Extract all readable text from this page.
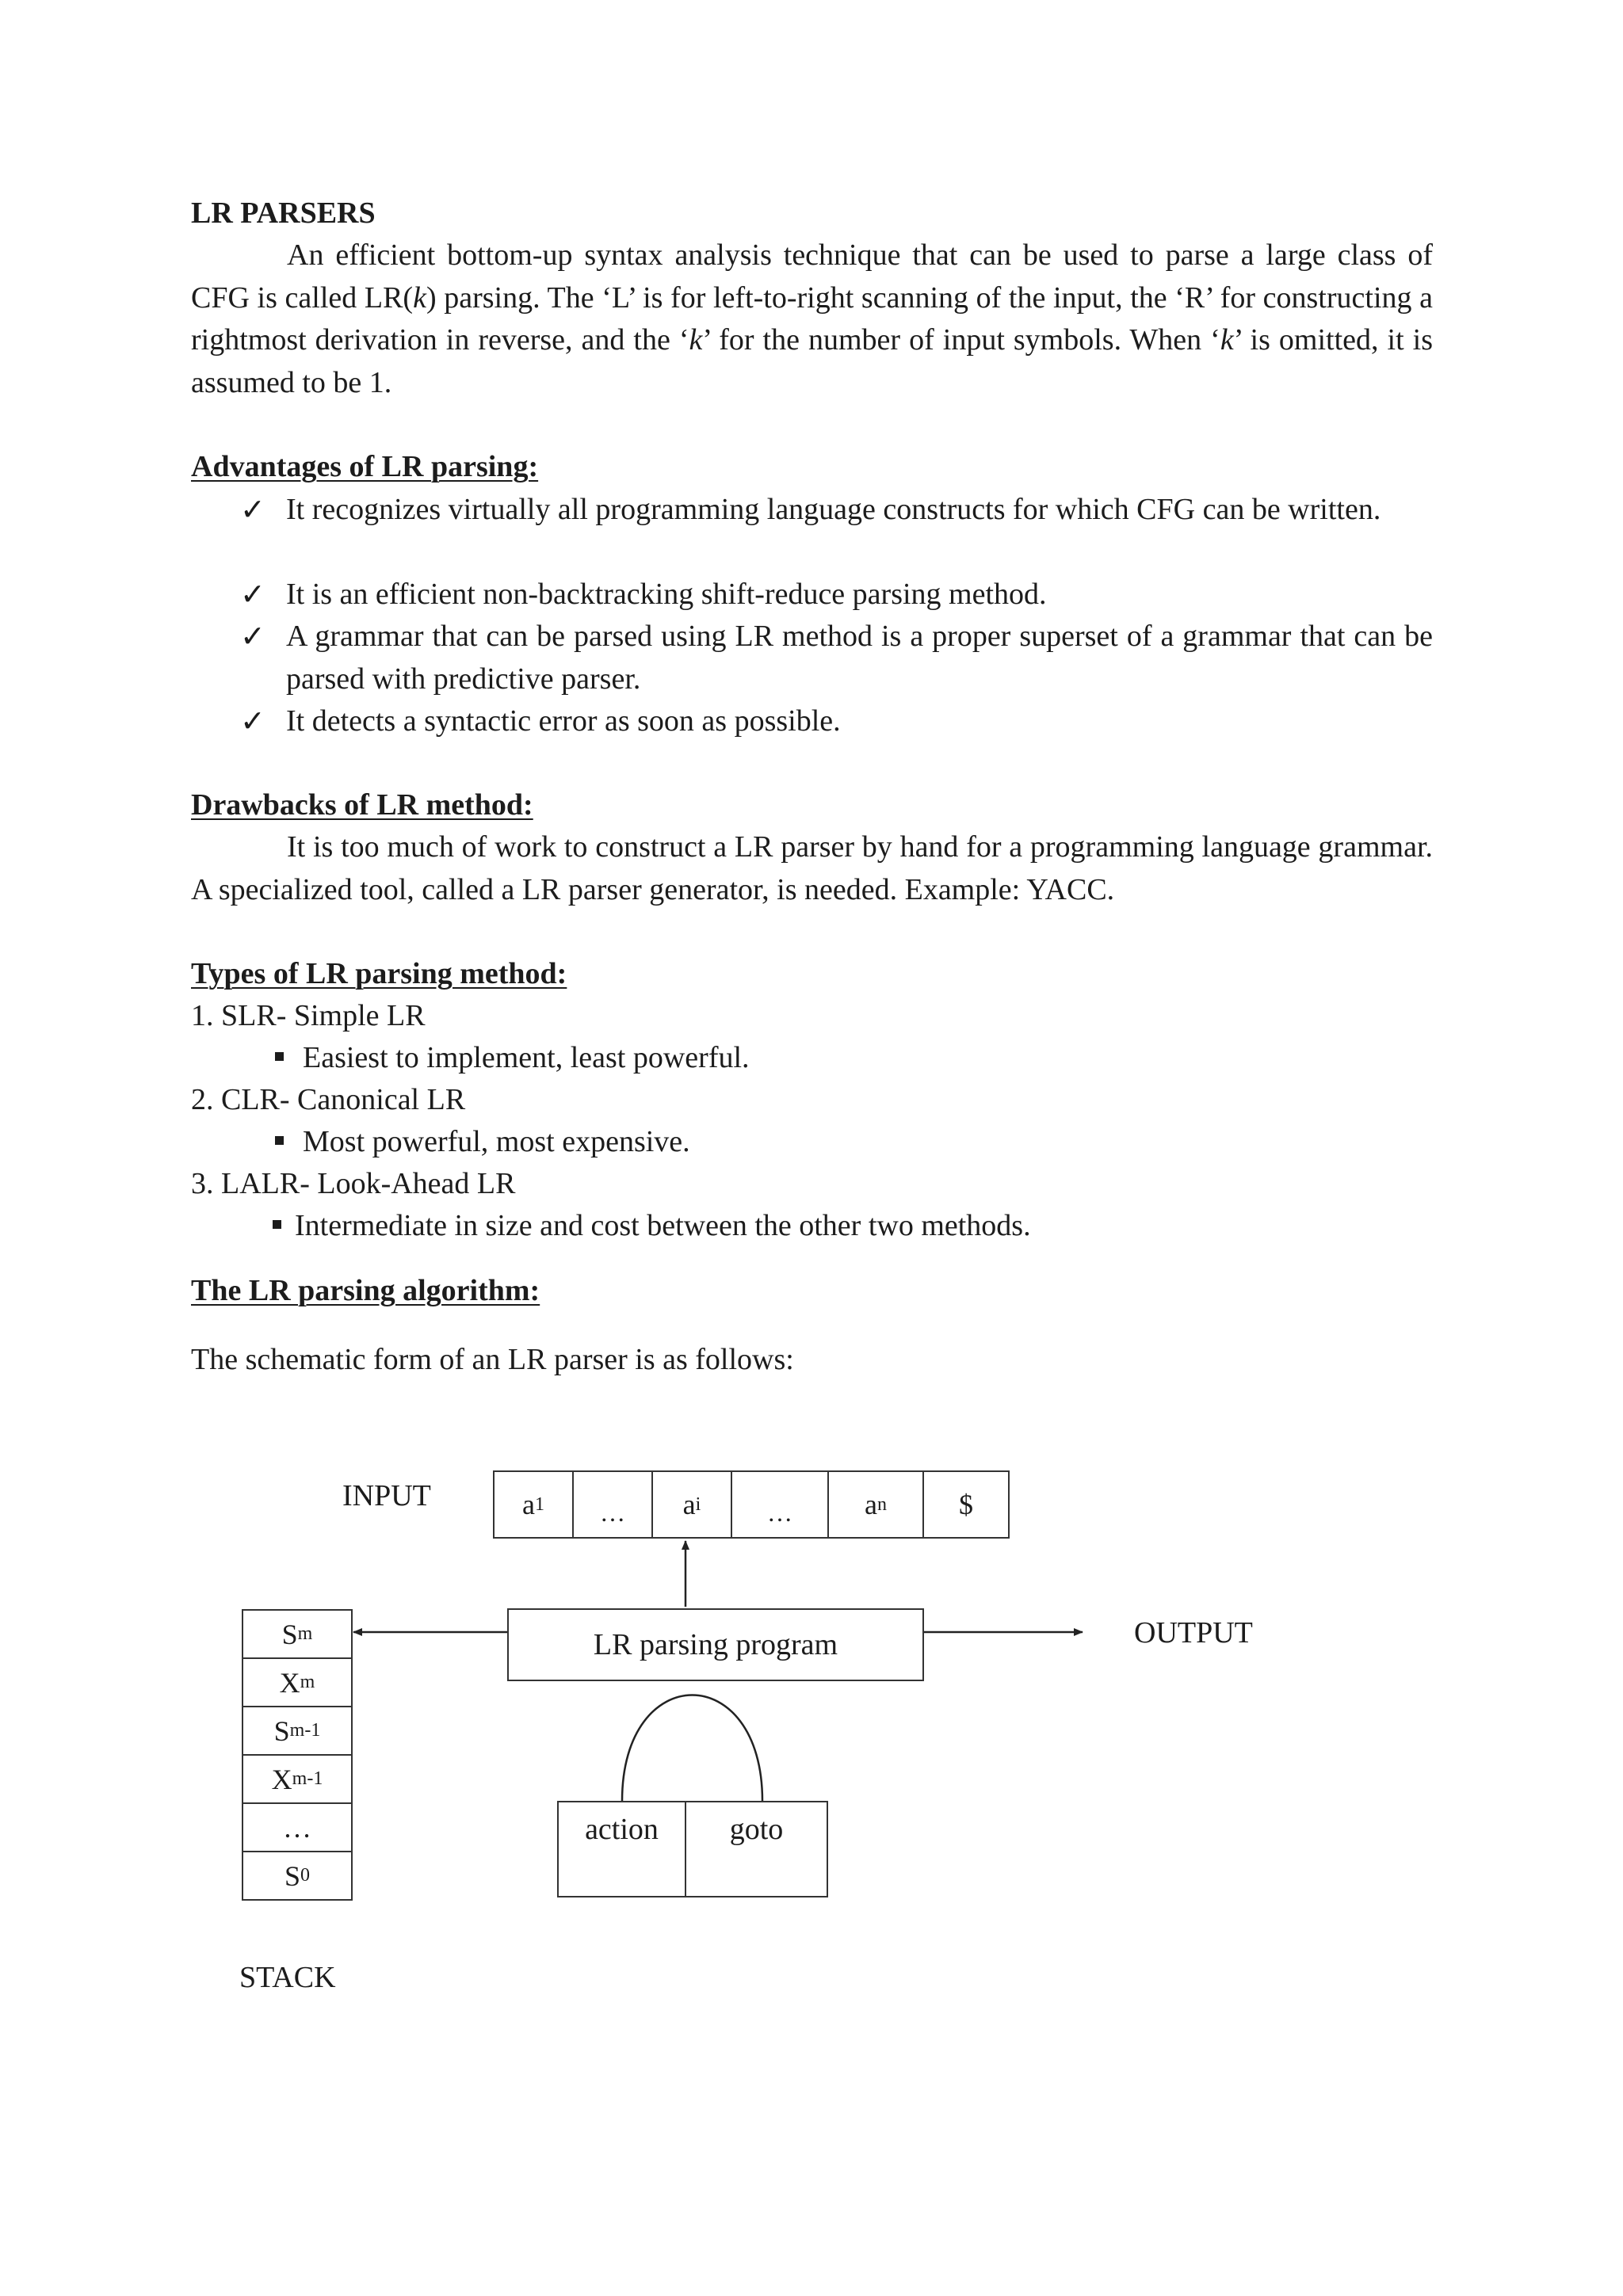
LR PARSERS
An efficient bottom-up syntax analysis technique that can be used to parse a large class of CFG is called LR(k) parsing. The ‘L’ is for left-to-right scanning of the input, the ‘R’ for constructing a rightmost derivation in reverse, and the ‘k’ for the number of input symbols. When ‘k’ is omitted, it is assumed to be 1.
Advantages of LR parsing:
✓ It recognizes virtually all programming language constructs for which CFG can be written.
✓ It is an efficient non-backtracking shift-reduce parsing method.
✓ A grammar that can be parsed using LR method is a proper superset of a grammar that can be parsed with predictive parser.
✓ It detects a syntactic error as soon as possible.
Drawbacks of LR method:
It is too much of work to construct a LR parser by hand for a programming language grammar. A specialized tool, called a LR parser generator, is needed. Example: YACC.
Types of LR parsing method:
1. SLR- Simple LR
Easiest to implement, least powerful.
2. CLR- Canonical LR
Most powerful, most expensive.
3. LALR- Look-Ahead LR
Intermediate in size and cost between the other two methods.
The LR parsing algorithm:
The schematic form of an LR parser is as follows:
INPUT	a 1 … a i	…	a n	$
LR parsing program	OUTPUT
action	goto
S m
X m
S m-1
X m-1
…
S 0
STACK
